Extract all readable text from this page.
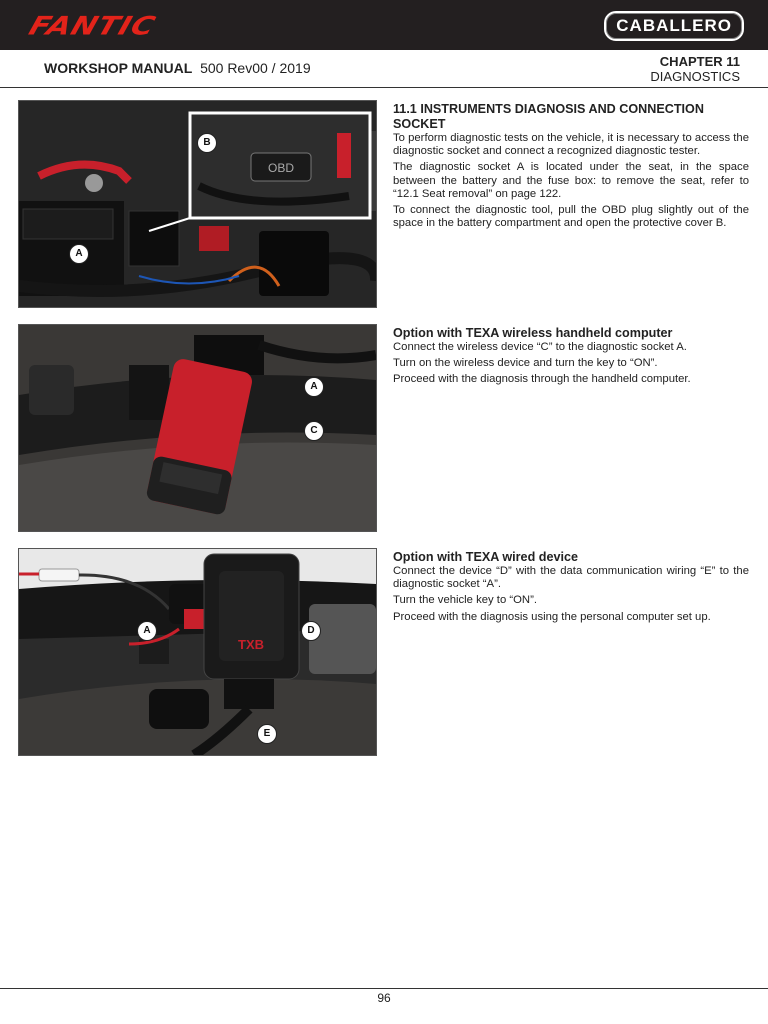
FANTIC	CABALLERO
WORKSHOP MANUAL 500 Rev00 / 2019	CHAPTER 11
DIAGNOSTICS
OBD
B
A
11.1 INSTRUMENTS DIAGNOSIS AND CONNECTION SOCKET

To perform diagnostic tests on the vehicle, it is necessary to access the diagnostic socket and connect a recognized diagnostic tester.

The diagnostic socket A is located under the seat, in the space between the battery and the fuse box: to remove the seat, refer to “12.1 Seat removal” on page 122.

To connect the diagnostic tool, pull the OBD plug slightly out of the space in the battery compartment and open the protective cover B.

A
C
Option with TEXA wireless handheld computer

Connect the wireless device “C” to the diagnostic socket A.

Turn on the wireless device and turn the key to “ON”.

Proceed with the diagnosis through the handheld computer.

TXB
A	D
E
Option with TEXA wired device

Connect the device “D” with the data communication wiring “E” to the diagnostic socket “A”.

Turn the vehicle key to “ON”.

Proceed with the diagnosis using the personal computer set up.

96
